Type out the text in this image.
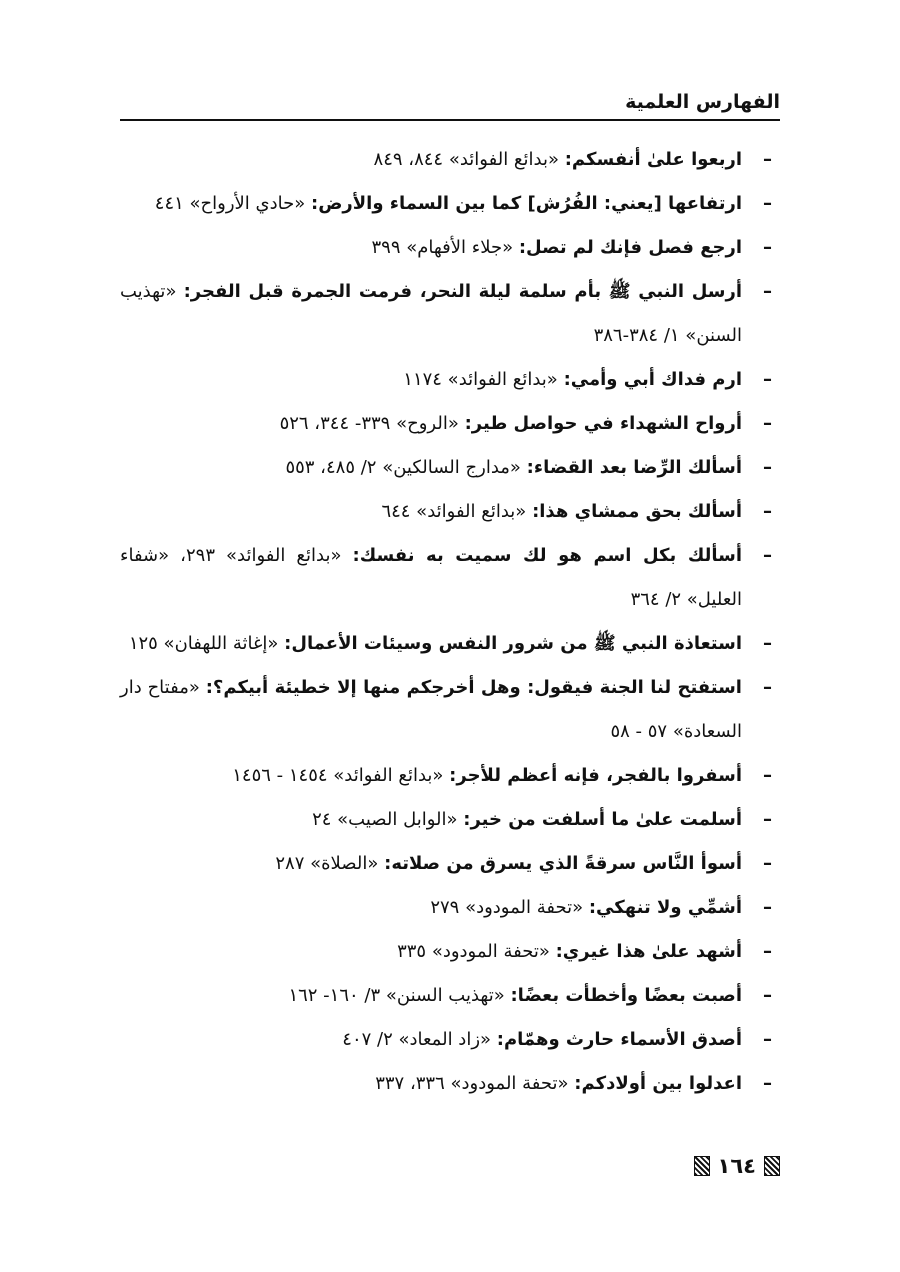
الفهارس العلمية
–
اربعوا علىٰ أنفسكم: «بدائع الفوائد» ٨٤٤، ٨٤٩
–
ارتفاعها [يعني: الفُرُش] كما بين السماء والأرض: «حادي الأرواح» ٤٤١
–
ارجع فصل فإنك لم تصل: «جلاء الأفهام» ٣٩٩
–
أرسل النبي ﷺ بأم سلمة ليلة النحر، فرمت الجمرة قبل الفجر: «تهذيب السنن» ١/ ٣٨٤-٣٨٦
–
ارم فداك أبي وأمي: «بدائع الفوائد» ١١٧٤
–
أرواح الشهداء في حواصل طير: «الروح» ٣٣٩- ٣٤٤، ٥٢٦
–
أسألك الرِّضا بعد القضاء: «مدارج السالكين» ٢/ ٤٨٥، ٥٥٣
–
أسألك بحق ممشاي هذا: «بدائع الفوائد» ٦٤٤
–
أسألك بكل اسم هو لك سميت به نفسك: «بدائع الفوائد» ٢٩٣، «شفاء العليل» ٢/ ٣٦٤
–
استعاذة النبي ﷺ من شرور النفس وسيئات الأعمال: «إغاثة اللهفان» ١٢٥
–
استفتح لنا الجنة فيقول: وهل أخرجكم منها إلا خطيئة أبيكم؟: «مفتاح دار السعادة» ٥٧ - ٥٨
–
أسفروا بالفجر، فإنه أعظم للأجر: «بدائع الفوائد» ١٤٥٤ - ١٤٥٦
–
أسلمت علىٰ ما أسلفت من خير: «الوابل الصيب» ٢٤
–
أسوأ النَّاس سرقةً الذي يسرق من صلاته: «الصلاة» ٢٨٧
–
أشمِّي ولا تنهكي: «تحفة المودود» ٢٧٩
–
أشهد علىٰ هذا غيري: «تحفة المودود» ٣٣٥
–
أصبت بعضًا وأخطأت بعضًا: «تهذيب السنن» ٣/ ١٦٠- ١٦٢
–
أصدق الأسماء حارث وهمّام: «زاد المعاد» ٢/ ٤٠٧
–
اعدلوا بين أولادكم: «تحفة المودود» ٣٣٦، ٣٣٧
١٦٤
